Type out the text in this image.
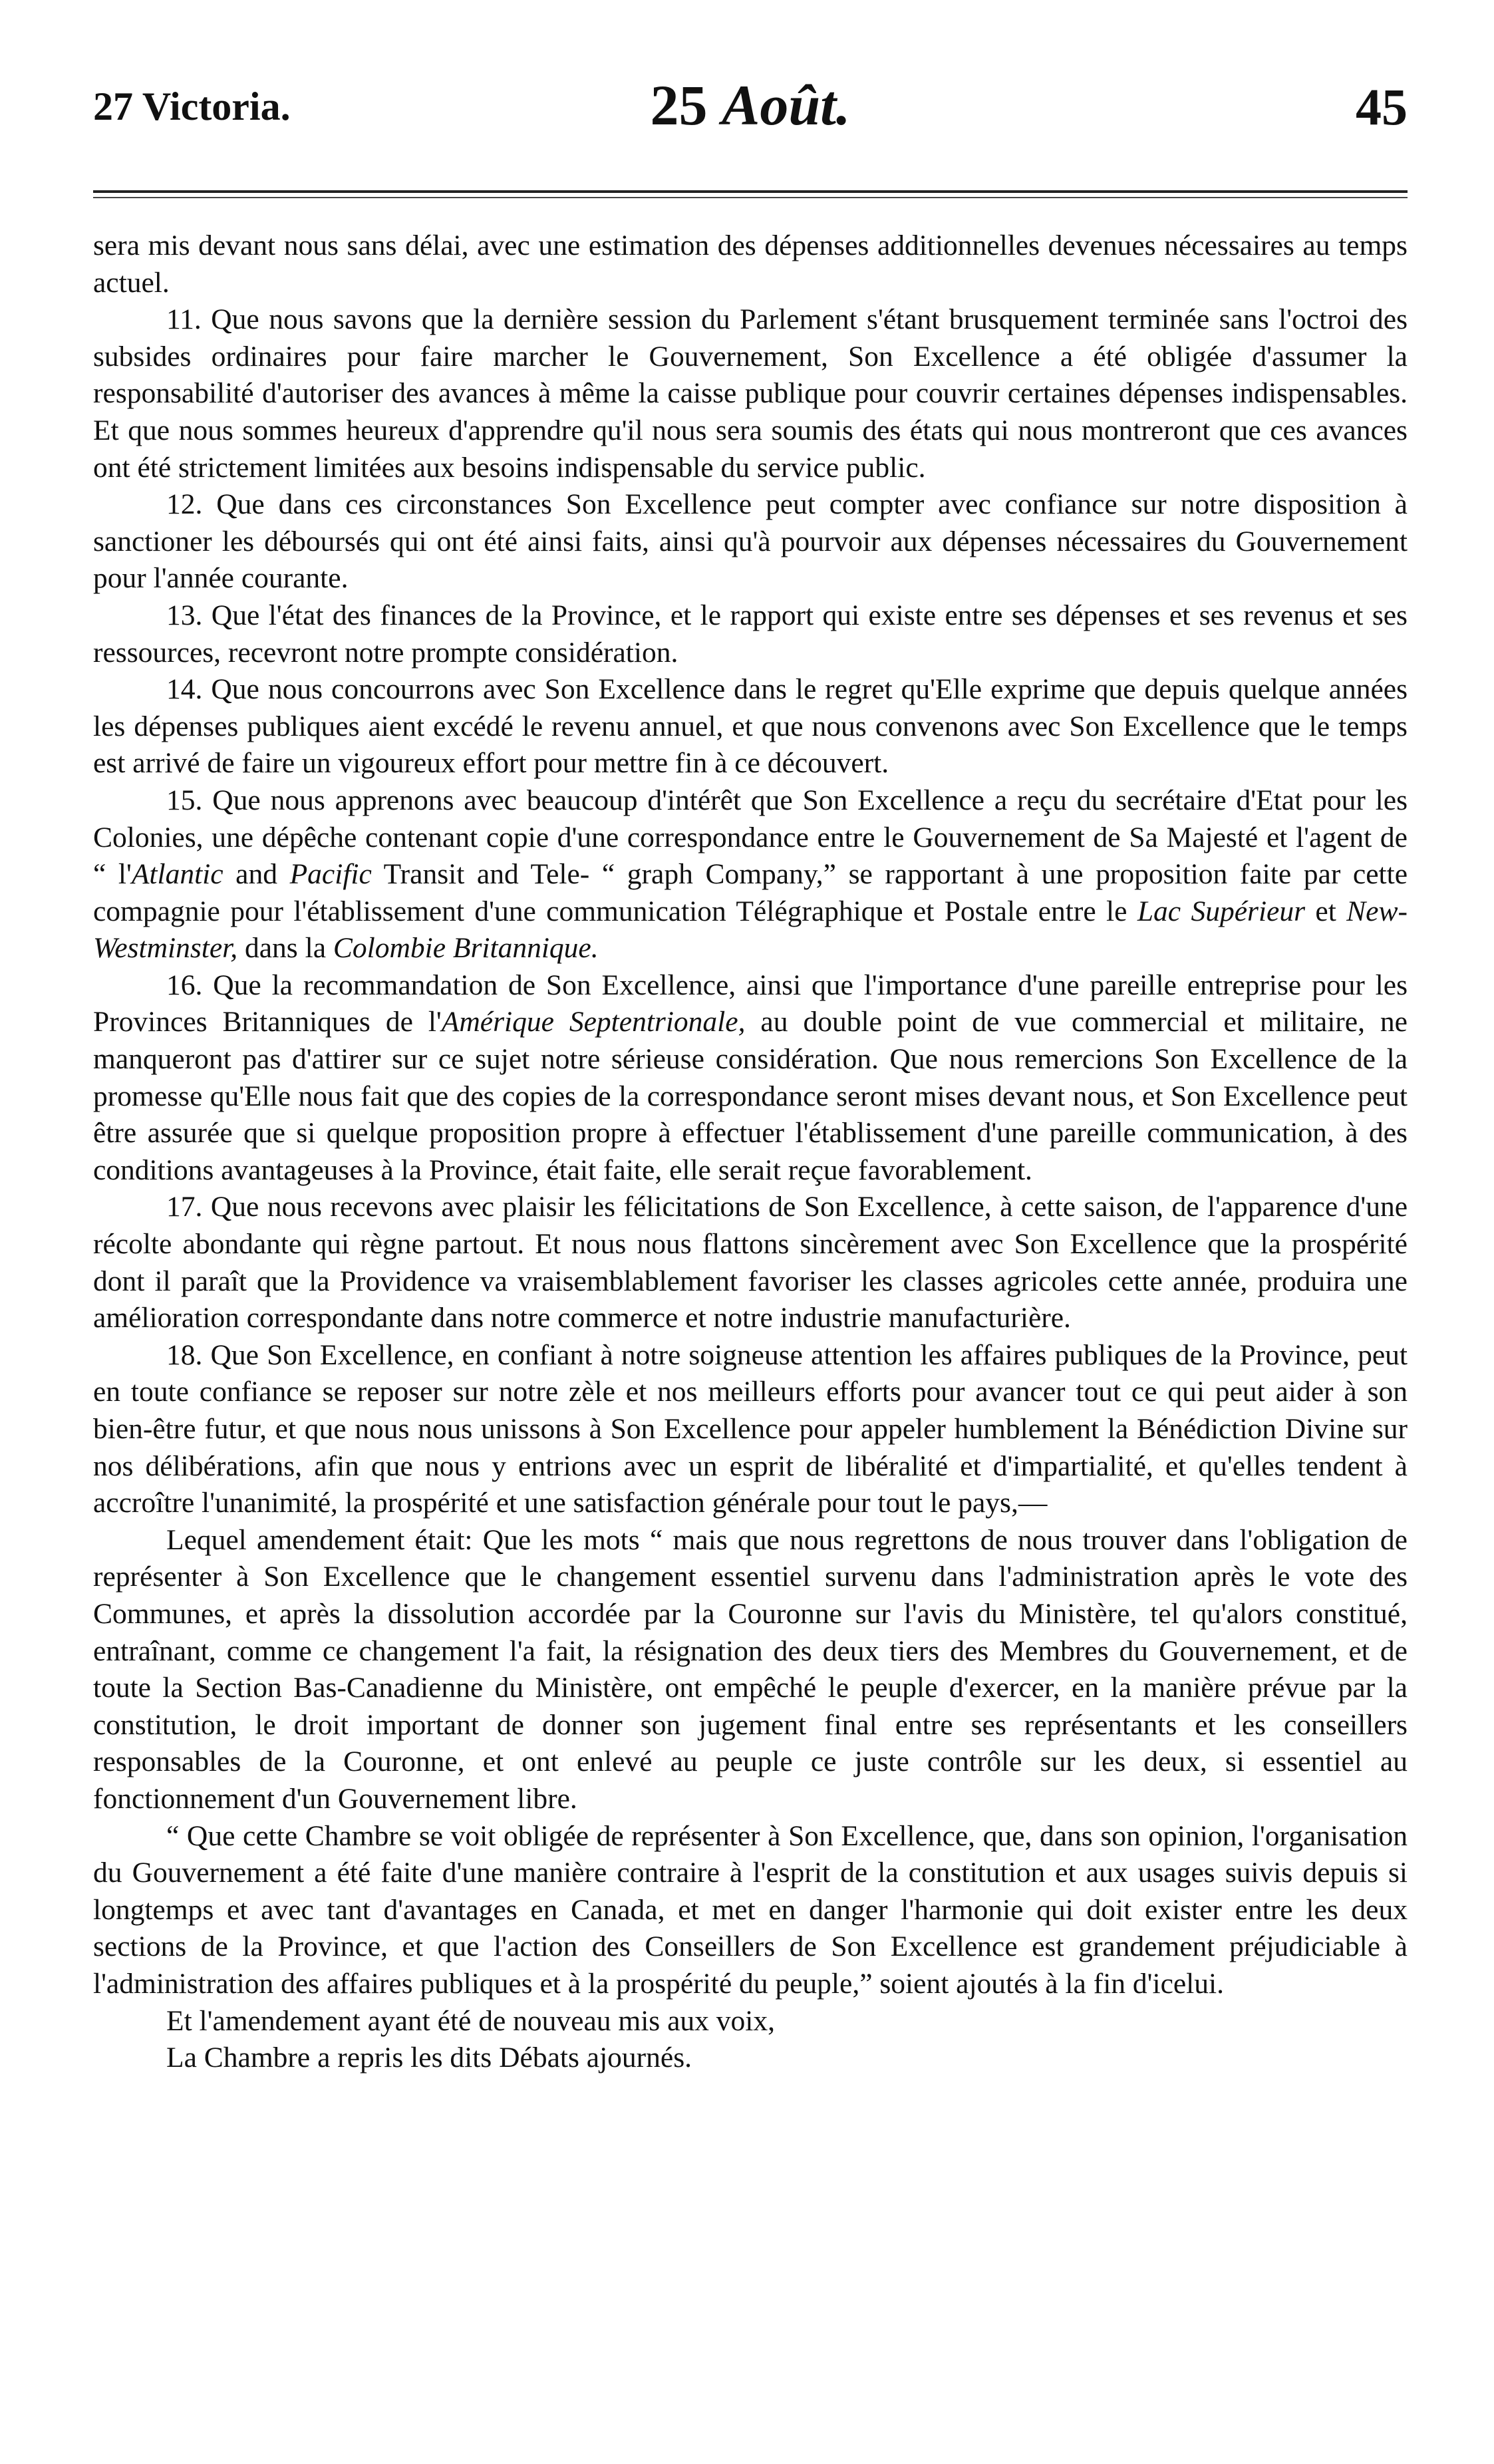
27 Victoria.	25 Août.	45

sera mis devant nous sans délai, avec une estimation des dépenses additionnelles devenues nécessaires au temps actuel.

11. Que nous savons que la dernière session du Parlement s'étant brusquement terminée sans l'octroi des subsides ordinaires pour faire marcher le Gouvernement, Son Excellence a été obligée d'assumer la responsabilité d'autoriser des avances à même la caisse publique pour couvrir certaines dépenses indispensables. Et que nous sommes heureux d'apprendre qu'il nous sera soumis des états qui nous montreront que ces avances ont été strictement limitées aux besoins indispensable du service public.

12. Que dans ces circonstances Son Excellence peut compter avec confiance sur notre disposition à sanctioner les déboursés qui ont été ainsi faits, ainsi qu'à pourvoir aux dépenses nécessaires du Gouvernement pour l'année courante.

13. Que l'état des finances de la Province, et le rapport qui existe entre ses dépenses et ses revenus et ses ressources, recevront notre prompte considération.

14. Que nous concourrons avec Son Excellence dans le regret qu'Elle exprime que depuis quelque années les dépenses publiques aient excédé le revenu annuel, et que nous convenons avec Son Excellence que le temps est arrivé de faire un vigoureux effort pour mettre fin à ce découvert.

15. Que nous apprenons avec beaucoup d'intérêt que Son Excellence a reçu du secrétaire d'Etat pour les Colonies, une dépêche contenant copie d'une correspondance entre le Gouvernement de Sa Majesté et l'agent de “ l'Atlantic and Pacific Transit and Tele- “ graph Company,” se rapportant à une proposition faite par cette compagnie pour l'établissement d'une communication Télégraphique et Postale entre le Lac Supérieur et New-Westminster, dans la Colombie Britannique.

16. Que la recommandation de Son Excellence, ainsi que l'importance d'une pareille entreprise pour les Provinces Britanniques de l'Amérique Septentrionale, au double point de vue commercial et militaire, ne manqueront pas d'attirer sur ce sujet notre sérieuse considération. Que nous remercions Son Excellence de la promesse qu'Elle nous fait que des copies de la correspondance seront mises devant nous, et Son Excellence peut être assurée que si quelque proposition propre à effectuer l'établissement d'une pareille communication, à des conditions avantageuses à la Province, était faite, elle serait reçue favorablement.

17. Que nous recevons avec plaisir les félicitations de Son Excellence, à cette saison, de l'apparence d'une récolte abondante qui règne partout. Et nous nous flattons sincèrement avec Son Excellence que la prospérité dont il paraît que la Providence va vraisemblablement favoriser les classes agricoles cette année, produira une amélioration correspondante dans notre commerce et notre industrie manufacturière.

18. Que Son Excellence, en confiant à notre soigneuse attention les affaires publiques de la Province, peut en toute confiance se reposer sur notre zèle et nos meilleurs efforts pour avancer tout ce qui peut aider à son bien-être futur, et que nous nous unissons à Son Excellence pour appeler humblement la Bénédiction Divine sur nos délibérations, afin que nous y entrions avec un esprit de libéralité et d'impartialité, et qu'elles tendent à accroître l'unanimité, la prospérité et une satisfaction générale pour tout le pays,—

Lequel amendement était: Que les mots “ mais que nous regrettons de nous trouver dans l'obligation de représenter à Son Excellence que le changement essentiel survenu dans l'administration après le vote des Communes, et après la dissolution accordée par la Couronne sur l'avis du Ministère, tel qu'alors constitué, entraînant, comme ce changement l'a fait, la résignation des deux tiers des Membres du Gouvernement, et de toute la Section Bas-Canadienne du Ministère, ont empêché le peuple d'exercer, en la manière prévue par la constitution, le droit important de donner son jugement final entre ses représentants et les conseillers responsables de la Couronne, et ont enlevé au peuple ce juste contrôle sur les deux, si essentiel au fonctionnement d'un Gouvernement libre.

“ Que cette Chambre se voit obligée de représenter à Son Excellence, que, dans son opinion, l'organisation du Gouvernement a été faite d'une manière contraire à l'esprit de la constitution et aux usages suivis depuis si longtemps et avec tant d'avantages en Canada, et met en danger l'harmonie qui doit exister entre les deux sections de la Province, et que l'action des Conseillers de Son Excellence est grandement préjudiciable à l'administration des affaires publiques et à la prospérité du peuple,” soient ajoutés à la fin d'icelui.

Et l'amendement ayant été de nouveau mis aux voix,

La Chambre a repris les dits Débats ajournés.
